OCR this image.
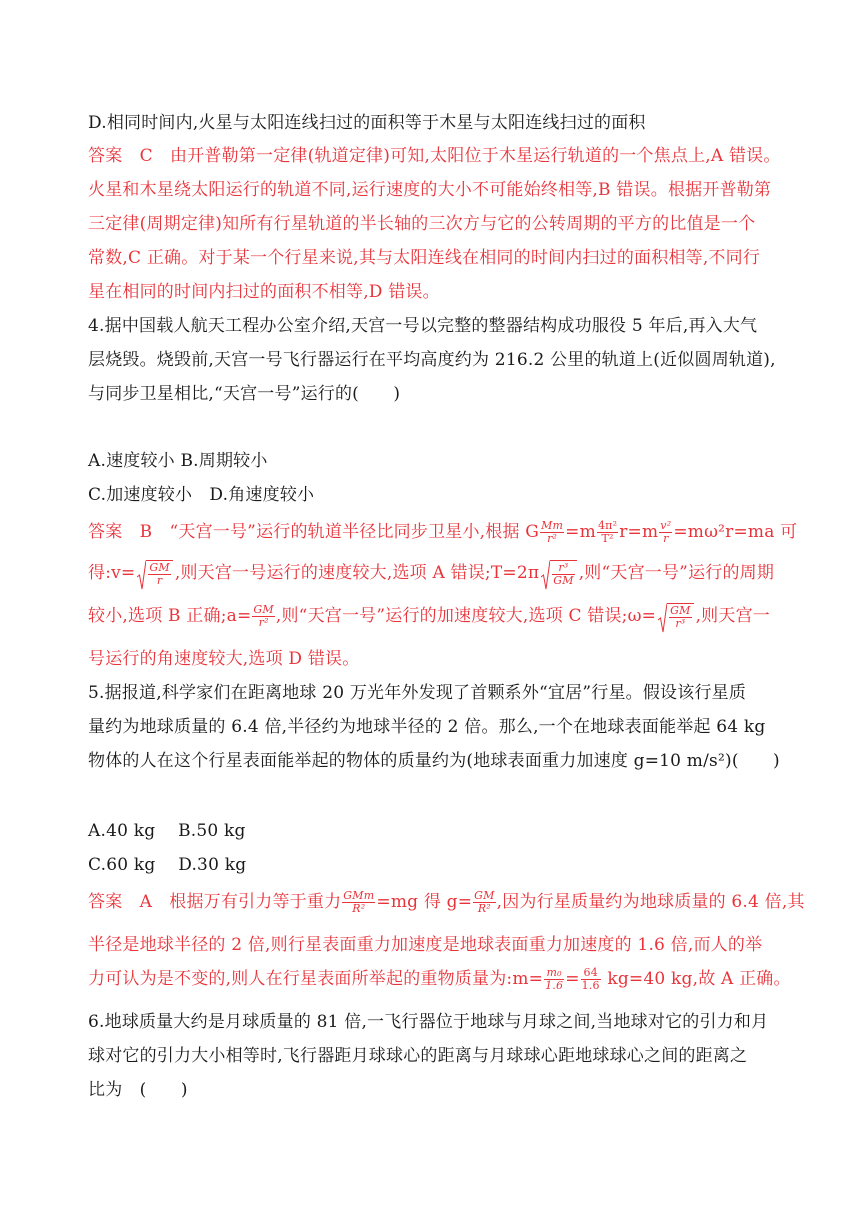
D.相同时间内,火星与太阳连线扫过的面积等于木星与太阳连线扫过的面积
答案　C　由开普勒第一定律(轨道定律)可知,太阳位于木星运行轨道的一个焦点上,A 错误。
火星和木星绕太阳运行的轨道不同,运行速度的大小不可能始终相等,B 错误。根据开普勒第
三定律(周期定律)知所有行星轨道的半长轴的三次方与它的公转周期的平方的比值是一个
常数,C 正确。对于某一个行星来说,其与太阳连线在相同的时间内扫过的面积相等,不同行
星在相同的时间内扫过的面积不相等,D 错误。
4.据中国载人航天工程办公室介绍,天宫一号以完整的整器结构成功服役 5 年后,再入大气
层烧毁。烧毁前,天宫一号飞行器运行在平均高度约为 216.2 公里的轨道上(近似圆周轨道),
与同步卫星相比,“天宫一号”运行的(　　)
A.速度较小 B.周期较小
C.加速度较小　D.角速度较小
答案　B　“天宫一号”运行的轨道半径比同步卫星小,根据 G $\frac{Mm}{\text{r²}} =m \frac{\text{4π²}}{\text{T²}} r=m \frac{\text{v²}}{r} =m\omega^2r=ma$ 可
得:v= $\frac{GM}{r}$ ,则天宫一号运行的速度较大,选项 A 错误;T=2π $\frac{\text{r³}}{GM}$ ,则“天宫一号”运行的周期
较小,选项 B 正确;a= $\frac{GM}{\text{r²}}$ ,则“天宫一号”运行的加速度较大,选项 C 错误;ω= $\frac{GM}{\text{r³}}$ ,则天宫一
号运行的角速度较大,选项 D 错误。
5.据报道,科学家们在距离地球 20 万光年外发现了首颗系外“宜居”行星。假设该行星质
量约为地球质量的 6.4 倍,半径约为地球半径的 2 倍。那么,一个在地球表面能举起 64 kg
物体的人在这个行星表面能举起的物体的质量约为(地球表面重力加速度 g=10 m/s²)(　　)
A.40 kg　 B.50 kg
C.60 kg　 D.30 kg
答案　A　根据万有引力等于重力 $\frac{\text{GMm}}{\text{R²}} =mg$ 得 $g= \frac{GM}{\text{R²}}$ ,因为行星质量约为地球质量的 6.4 倍,其
半径是地球半径的 2 倍,则行星表面重力加速度是地球表面重力加速度的 1.6 倍,而人的举
力可认为是不变的,则人在行星表面所举起的重物质量为:m= $\frac{\text{m₀}}{1.6} = \frac{64}{1.6} kg=40$ kg,故 A 正确。
6.地球质量大约是月球质量的 81 倍,一飞行器位于地球与月球之间,当地球对它的引力和月
球对它的引力大小相等时,飞行器距月球球心的距离与月球球心距地球球心之间的距离之
比为　(　　)
